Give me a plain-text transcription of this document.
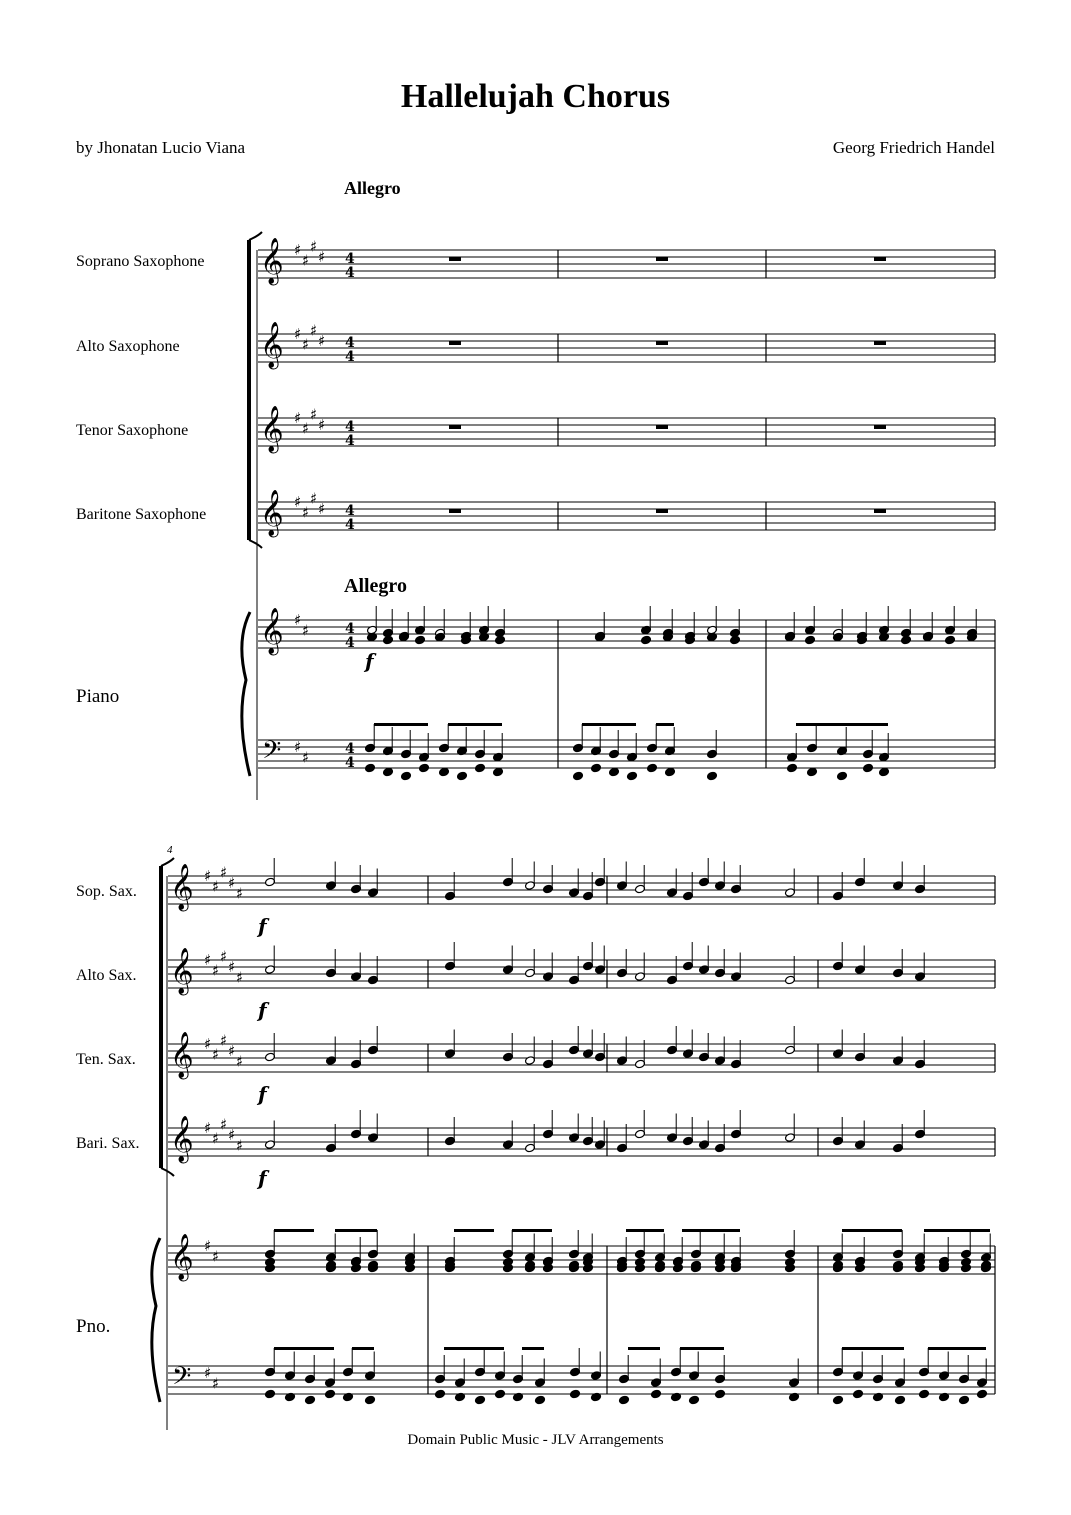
Hallelujah Chorus
by Jhonatan Lucio Viana	Georg Friedrich Handel
Allegro
Soprano Saxophone
Alto Saxophone
Tenor Saxophone
Baritone Saxophone
Piano
Allegro
Sop. Sax.
Alto Sax.
Ten. Sax.
Bari. Sax.
Pno.
4
𝄞 ♯
♯
♯
♯ 4
4
𝄞 ♯
♯
♯
♯ 4
4
𝄞 ♯
♯
♯
♯ 4
4
𝄞 ♯
♯
♯
♯ 4
4
𝄞
𝄢
♯
♯
♯
♯
4
4
4
4
f
𝄞 ♯
♯
♯
♯
♯
f
𝄞 ♯
♯
♯
♯
♯
f
𝄞 ♯
♯
♯
♯
♯
f
𝄞 ♯
♯
♯
♯
♯
f
𝄞
𝄢
♯
♯
♯
♯
Domain Public Music - JLV Arrangements
